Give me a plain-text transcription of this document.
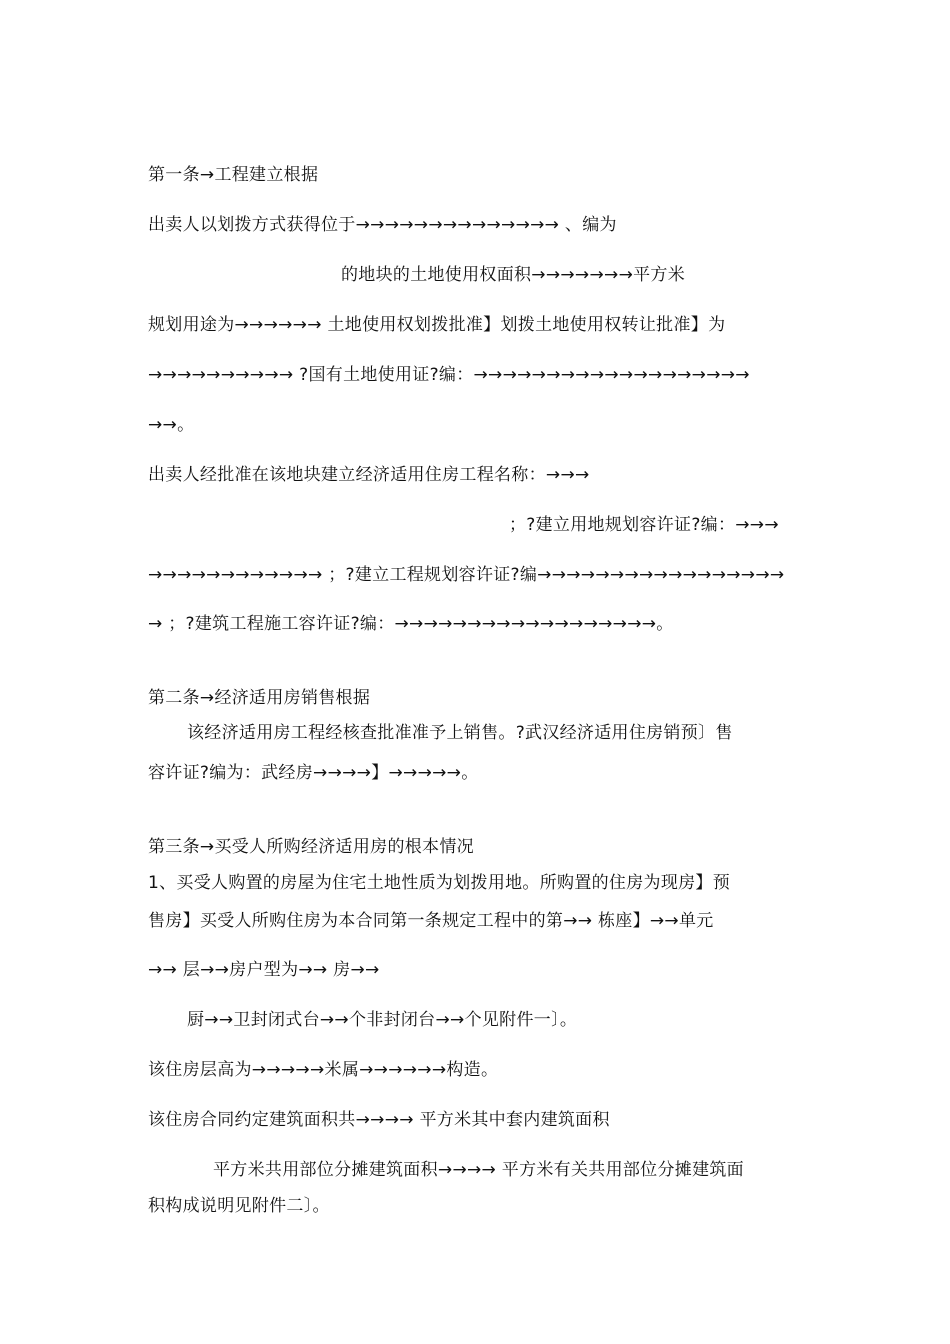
第一条→工程建立根据
出卖人以划拨方式获得位于→→→→→→→→→→→→→→ 、编为
的地块的土地使用权面积→→→→→→→平方米
规划用途为→→→→→→ 土地使用权划拨批准】划拨土地使用权转让批准】为
→→→→→→→→→→ ?国有土地使用证?编：→→→→→→→→→→→→→→→→→→→
→→。
出卖人经批准在该地块建立经济适用住房工程名称：→→→
；?建立用地规划容许证?编：→→→
→→→→→→→→→→→→ ；?建立工程规划容许证?编→→→→→→→→→→→→→→→→→
→ ；?建筑工程施工容许证?编：→→→→→→→→→→→→→→→→→→。
第二条→经济适用房销售根据
该经济适用房工程经核查批准准予上销售。?武汉经济适用住房销预〕售
容许证?编为：武经房→→→→】→→→→→。
第三条→买受人所购经济适用房的根本情况
1、买受人购置的房屋为住宅土地性质为划拨用地。所购置的住房为现房】预
售房】买受人所购住房为本合同第一条规定工程中的第→→ 栋座】→→单元
→→ 层→→房户型为→→ 房→→
厨→→卫封闭式台→→个非封闭台→→个见附件一〕。
该住房层高为→→→→→米属→→→→→→构造。
该住房合同约定建筑面积共→→→→ 平方米其中套内建筑面积
平方米共用部位分摊建筑面积→→→→ 平方米有关共用部位分摊建筑面
积构成说明见附件二〕。
